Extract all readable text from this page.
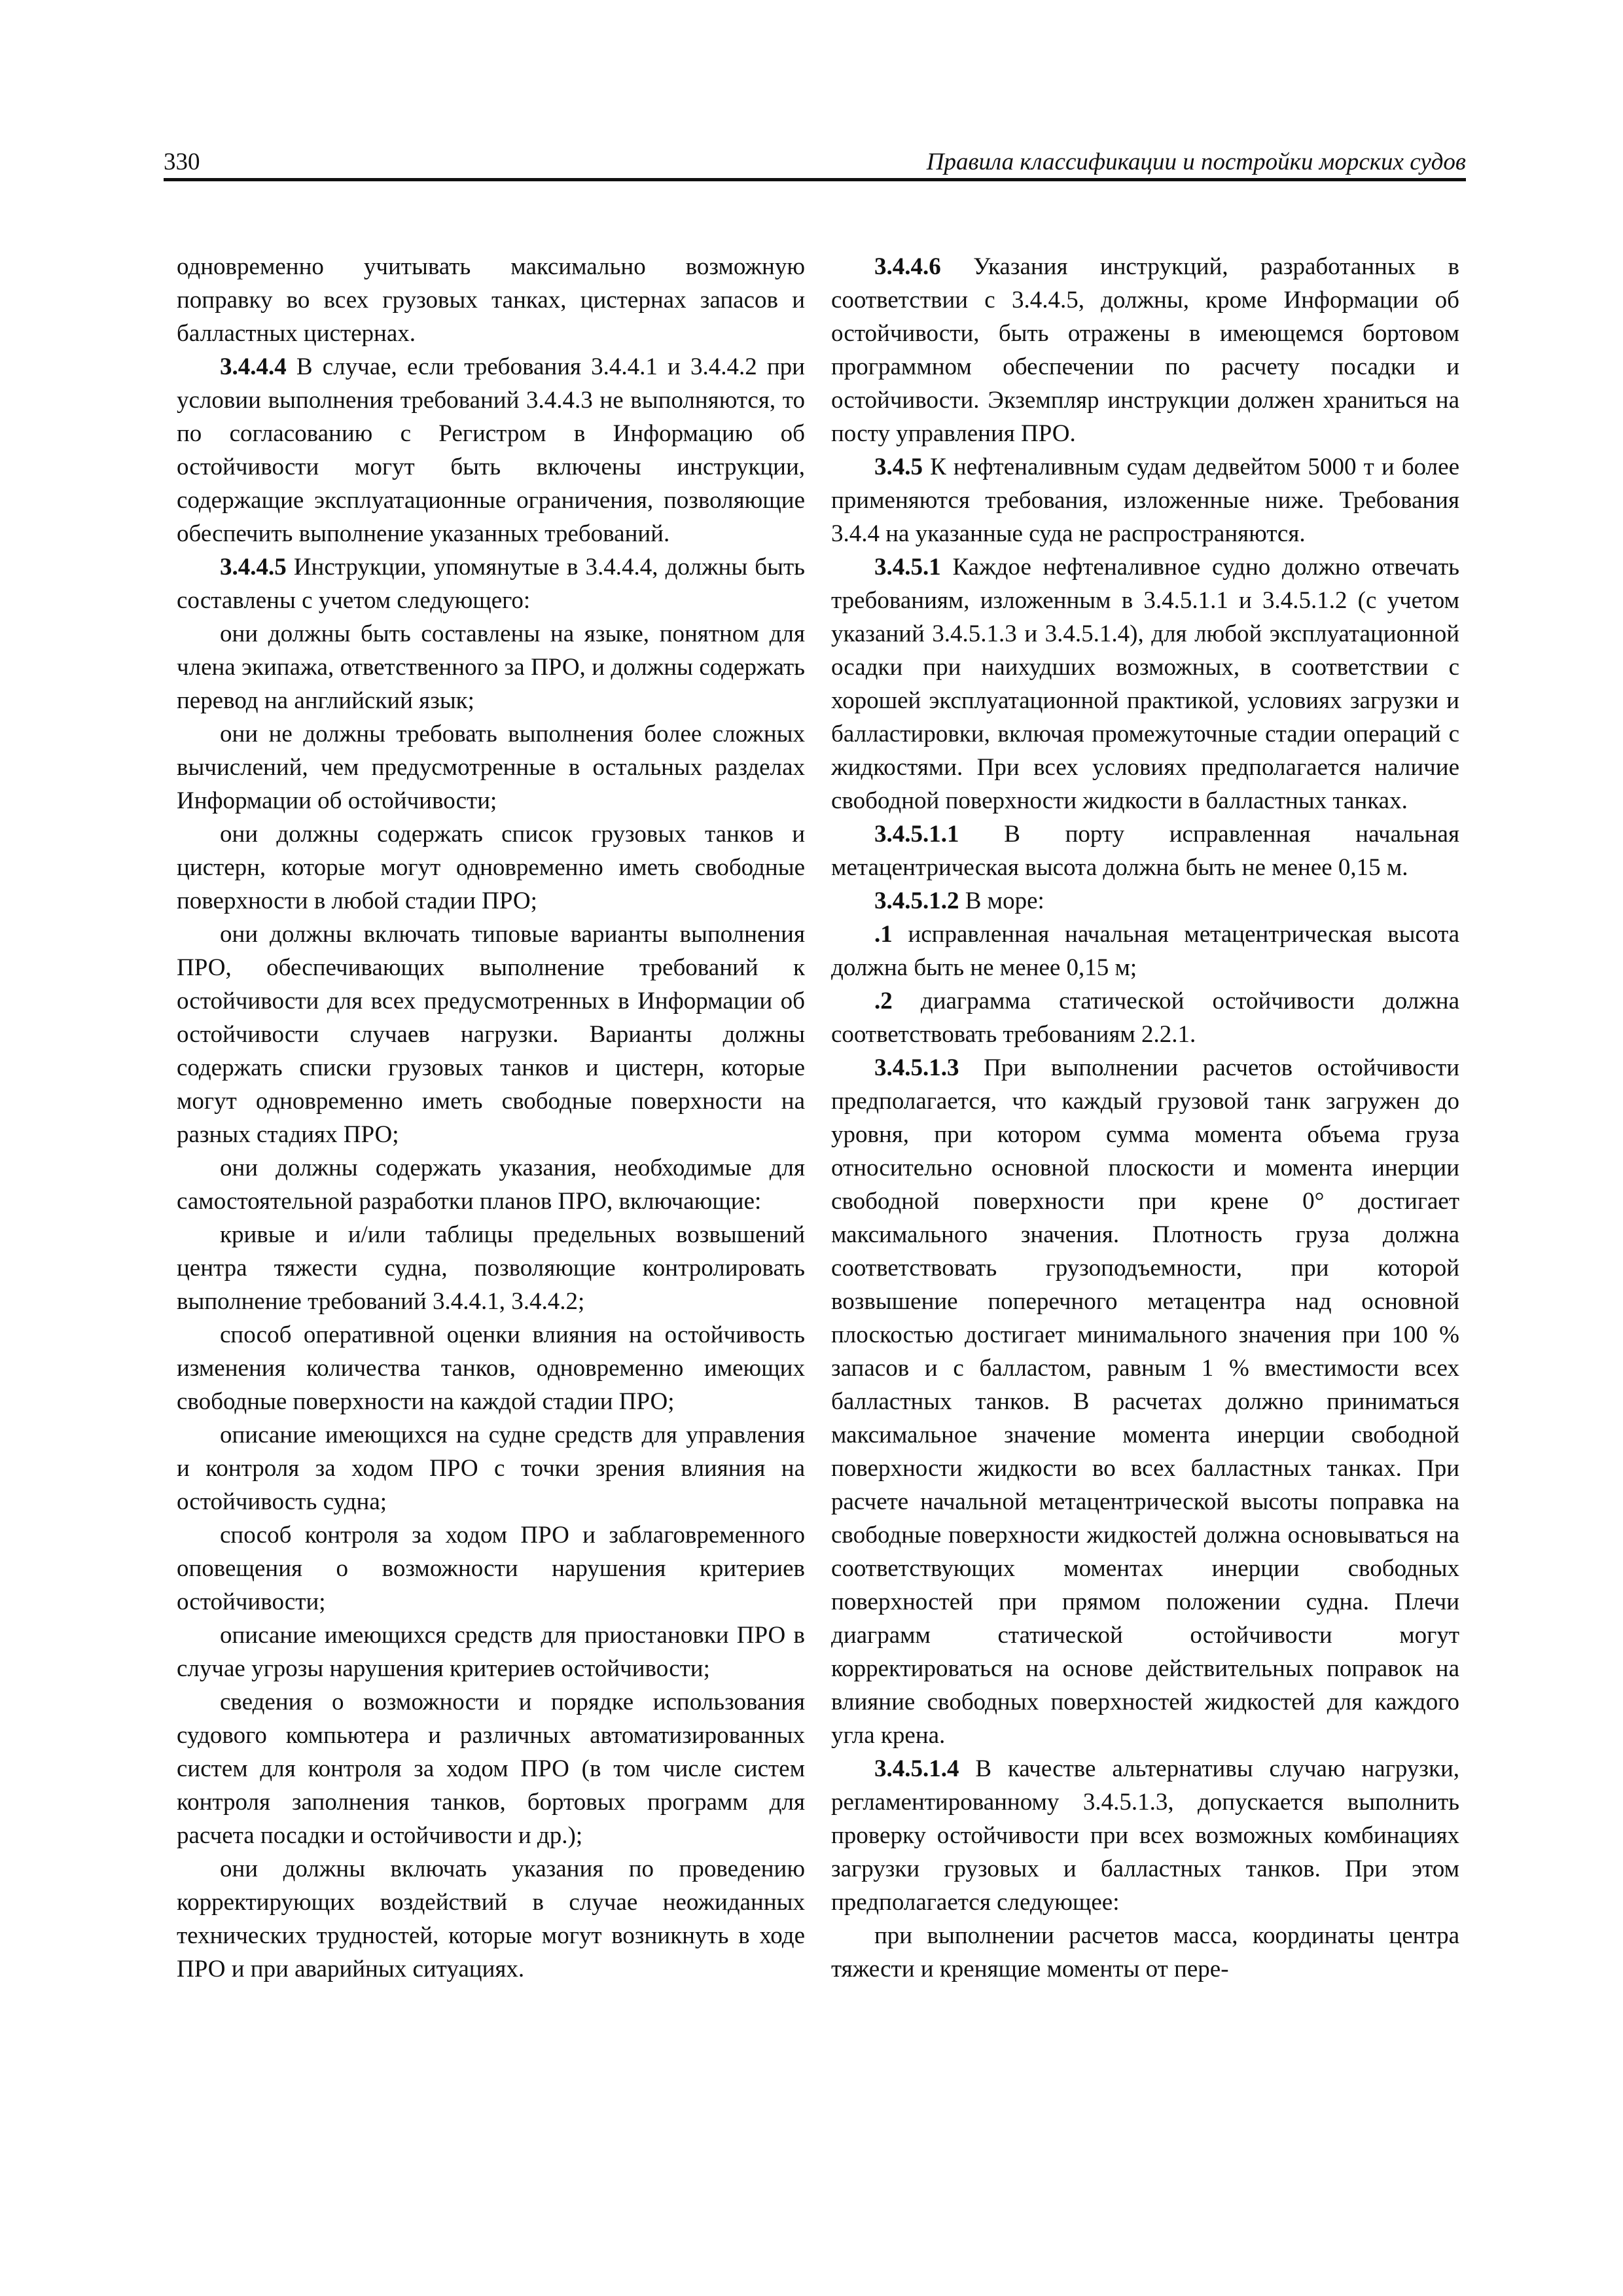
330	Правила классификации и постройки морских судов

одновременно учитывать максимально возможную поправку во всех грузовых танках, цистернах запасов и балластных цистернах.

3.4.4.4 В случае, если требования 3.4.4.1 и 3.4.4.2 при условии выполнения требований 3.4.4.3 не выполняются, то по согласованию с Регистром в Информацию об остойчивости могут быть включены инструкции, содержащие эксплуатационные ограничения, позволяющие обеспечить выполнение указанных требований.

3.4.4.5 Инструкции, упомянутые в 3.4.4.4, должны быть составлены с учетом следующего:

они должны быть составлены на языке, понятном для члена экипажа, ответственного за ПРО, и должны содержать перевод на английский язык;

они не должны требовать выполнения более сложных вычислений, чем предусмотренные в остальных разделах Информации об остойчивости;

они должны содержать список грузовых танков и цистерн, которые могут одновременно иметь свободные поверхности в любой стадии ПРО;

они должны включать типовые варианты выполнения ПРО, обеспечивающих выполнение требований к остойчивости для всех предусмотренных в Информации об остойчивости случаев нагрузки. Варианты должны содержать списки грузовых танков и цистерн, которые могут одновременно иметь свободные поверхности на разных стадиях ПРО;

они должны содержать указания, необходимые для самостоятельной разработки планов ПРО, включающие:

кривые и и/или таблицы предельных возвышений центра тяжести судна, позволяющие контролировать выполнение требований 3.4.4.1, 3.4.4.2;

способ оперативной оценки влияния на остойчивость изменения количества танков, одновременно имеющих свободные поверхности на каждой стадии ПРО;

описание имеющихся на судне средств для управления и контроля за ходом ПРО с точки зрения влияния на остойчивость судна;

способ контроля за ходом ПРО и заблаговременного оповещения о возможности нарушения критериев остойчивости;

описание имеющихся средств для приостановки ПРО в случае угрозы нарушения критериев остойчивости;

сведения о возможности и порядке использования судового компьютера и различных автоматизированных систем для контроля за ходом ПРО (в том числе систем контроля заполнения танков, бортовых программ для расчета посадки и остойчивости и др.);

они должны включать указания по проведению корректирующих воздействий в случае неожиданных технических трудностей, которые могут возникнуть в ходе ПРО и при аварийных ситуациях.

3.4.4.6 Указания инструкций, разработанных в соответствии с 3.4.4.5, должны, кроме Информации об остойчивости, быть отражены в имеющемся бортовом программном обеспечении по расчету посадки и остойчивости. Экземпляр инструкции должен храниться на посту управления ПРО.

3.4.5 К нефтеналивным судам дедвейтом 5000 т и более применяются требования, изложенные ниже. Требования 3.4.4 на указанные суда не распространяются.

3.4.5.1 Каждое нефтеналивное судно должно отвечать требованиям, изложенным в 3.4.5.1.1 и 3.4.5.1.2 (с учетом указаний 3.4.5.1.3 и 3.4.5.1.4), для любой эксплуатационной осадки при наихудших возможных, в соответствии с хорошей эксплуатационной практикой, условиях загрузки и балластировки, включая промежуточные стадии операций с жидкостями. При всех условиях предполагается наличие свободной поверхности жидкости в балластных танках.

3.4.5.1.1 В порту исправленная начальная метацентрическая высота должна быть не менее 0,15 м.

3.4.5.1.2 В море:

.1 исправленная начальная метацентрическая высота должна быть не менее 0,15 м;

.2 диаграмма статической остойчивости должна соответствовать требованиям 2.2.1.

3.4.5.1.3 При выполнении расчетов остойчивости предполагается, что каждый грузовой танк загружен до уровня, при котором сумма момента объема груза относительно основной плоскости и момента инерции свободной поверхности при крене 0° достигает максимального значения. Плотность груза должна соответствовать грузоподъемности, при которой возвышение поперечного метацентра над основной плоскостью достигает минимального значения при 100 % запасов и с балластом, равным 1 % вместимости всех балластных танков. В расчетах должно приниматься максимальное значение момента инерции свободной поверхности жидкости во всех балластных танках. При расчете начальной метацентрической высоты поправка на свободные поверхности жидкостей должна основываться на соответствующих моментах инерции свободных поверхностей при прямом положении судна. Плечи диаграмм статической остойчивости могут корректироваться на основе действительных поправок на влияние свободных поверхностей жидкостей для каждого угла крена.

3.4.5.1.4 В качестве альтернативы случаю нагрузки, регламентированному 3.4.5.1.3, допускается выполнить проверку остойчивости при всех возможных комбинациях загрузки грузовых и балластных танков. При этом предполагается следующее:

при выполнении расчетов масса, координаты центра тяжести и кренящие моменты от пере-
